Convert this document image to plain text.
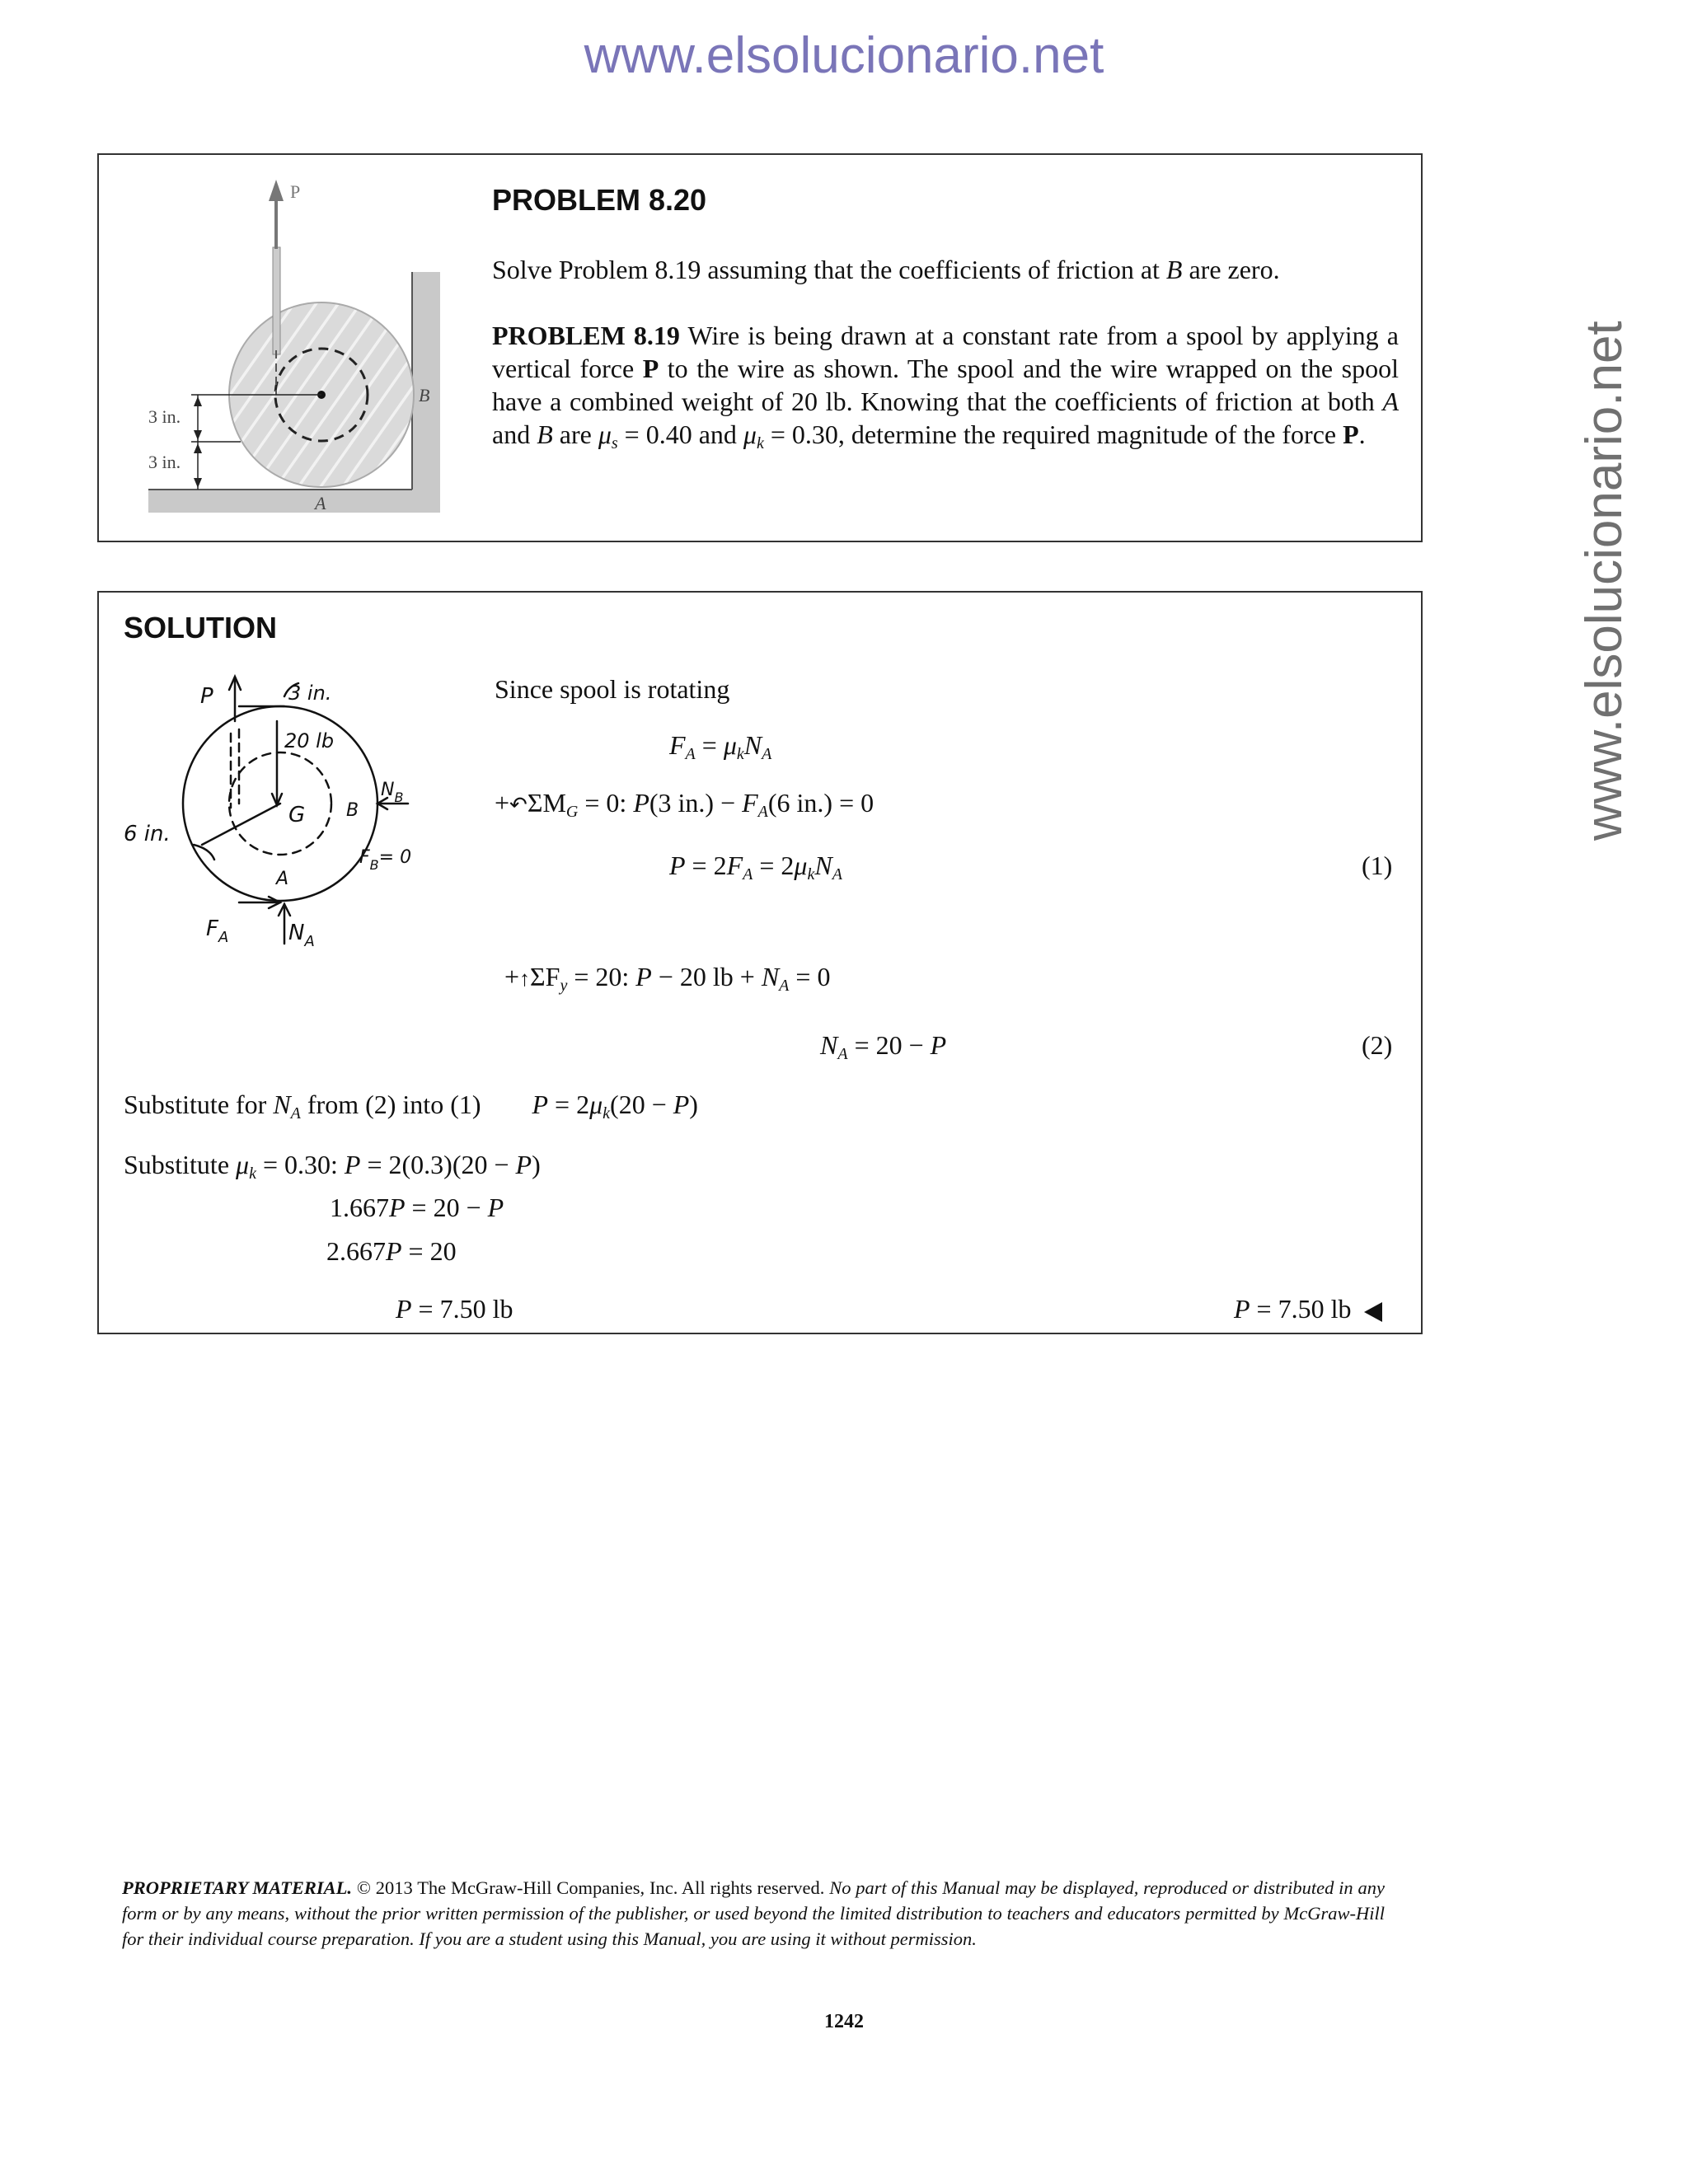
www.elsolucionario.net
www.elsolucionario.net
P
3 in.
3 in.
B
A
PROBLEM 8.20
Solve Problem 8.19 assuming that the coefficients of friction at B are zero.
PROBLEM 8.19 Wire is being drawn at a constant rate from a spool by applying a vertical force P to the wire as shown. The spool and the wire wrapped on the spool have a combined weight of 20 lb. Knowing that the coefficients of friction at both A and B are $\mu_s = 0.40$ and $\mu_k = 0.30$, determine the required magnitude of the force P.
SOLUTION
P	3 in.
20 lb
G B
$N_B$
$F_B= 0$
6 in.
A
$F_A$	$N_A$
Since spool is rotating
$F_A = \mu_kN_A$
$+↶\Sigma M_G = 0$: P(3 $in.) - F_A(6$ in.) = 0
$P = 2F_A = 2\mu_kN_A$	(1)
$+↑\Sigma F_y = 20$: P − 20 lb + $N_A = 0$
$N_A = 20 - P$	(2)
Substitute for $N_A$ from (2) into (1) $P = 2\mu_k(20 - P)$
Substitute $\mu_k = 0.30$: P = 2(0.3)(20 − P)
1.667P = 20 − P
2.667P = 20
P = 7.50 lb	P = 7.50 lb
PROPRIETARY MATERIAL. © 2013 The McGraw-Hill Companies, Inc. All rights reserved. No part of this Manual may be displayed, reproduced or distributed in any form or by any means, without the prior written permission of the publisher, or used beyond the limited distribution to teachers and educators permitted by McGraw-Hill for their individual course preparation. If you are a student using this Manual, you are using it without permission.
1242
